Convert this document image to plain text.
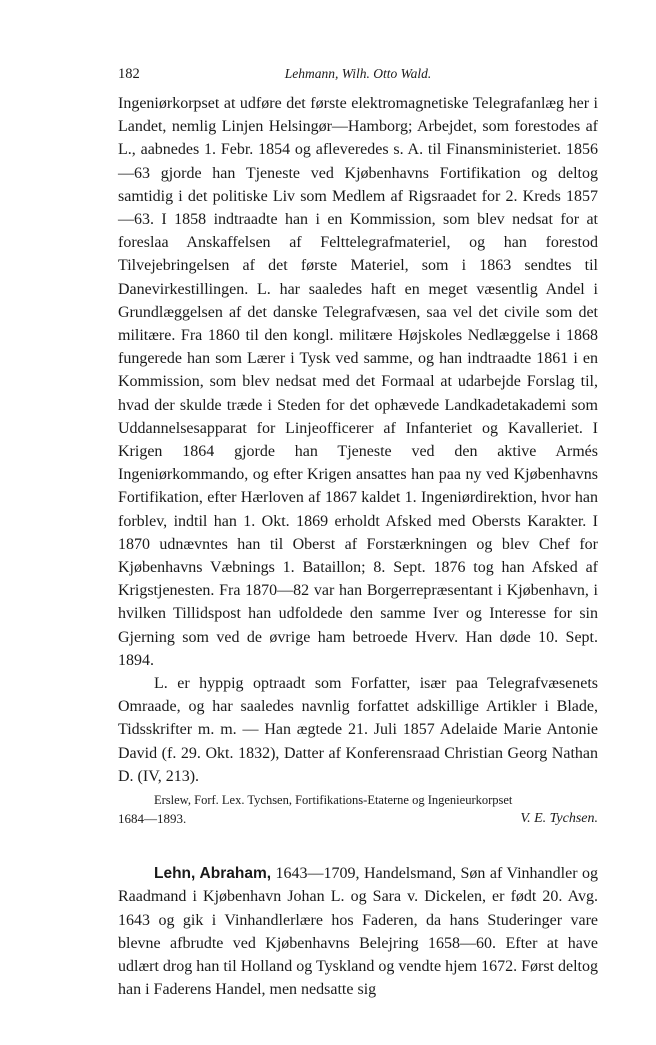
182	Lehmann, Wilh. Otto Wald.

Ingeniørkorpset at udføre det første elektromagnetiske Telegrafanlæg her i Landet, nemlig Linjen Helsingør—Hamborg; Arbejdet, som forestodes af L., aabnedes 1. Febr. 1854 og afleveredes s. A. til Finansministeriet. 1856—63 gjorde han Tjeneste ved Kjøbenhavns Fortifikation og deltog samtidig i det politiske Liv som Medlem af Rigsraadet for 2. Kreds 1857—63. I 1858 indtraadte han i en Kommission, som blev nedsat for at foreslaa Anskaffelsen af Felttelegrafmateriel, og han forestod Tilvejebringelsen af det første Materiel, som i 1863 sendtes til Danevirkestillingen. L. har saaledes haft en meget væsentlig Andel i Grundlæggelsen af det danske Telegrafvæsen, saa vel det civile som det militære. Fra 1860 til den kongl. militære Højskoles Nedlæggelse i 1868 fungerede han som Lærer i Tysk ved samme, og han indtraadte 1861 i en Kommission, som blev nedsat med det Formaal at udarbejde Forslag til, hvad der skulde træde i Steden for det ophævede Landkadetakademi som Uddannelsesapparat for Linjeofficerer af Infanteriet og Kavalleriet. I Krigen 1864 gjorde han Tjeneste ved den aktive Armés Ingeniørkommando, og efter Krigen ansattes han paa ny ved Kjøbenhavns Fortifikation, efter Hærloven af 1867 kaldet 1. Ingeniørdirektion, hvor han forblev, indtil han 1. Okt. 1869 erholdt Afsked med Obersts Karakter. I 1870 udnævntes han til Oberst af Forstærkningen og blev Chef for Kjøbenhavns Væbnings 1. Bataillon; 8. Sept. 1876 tog han Afsked af Krigstjenesten. Fra 1870—82 var han Borgerrepræsentant i Kjøbenhavn, i hvilken Tillidspost han udfoldede den samme Iver og Interesse for sin Gjerning som ved de øvrige ham betroede Hverv. Han døde 10. Sept. 1894.

L. er hyppig optraadt som Forfatter, især paa Telegrafvæsenets Omraade, og har saaledes navnlig forfattet adskillige Artikler i Blade, Tidsskrifter m. m. — Han ægtede 21. Juli 1857 Adelaide Marie Antonie David (f. 29. Okt. 1832), Datter af Konferensraad Christian Georg Nathan D. (IV, 213).

Erslew, Forf. Lex. Tychsen, Fortifikations-Etaterne og Ingenieurkorpset
1684—1893.	V. E. Tychsen.

Lehn, Abraham, 1643—1709, Handelsmand, Søn af Vinhandler og Raadmand i Kjøbenhavn Johan L. og Sara v. Dickelen, er født 20. Avg. 1643 og gik i Vinhandlerlære hos Faderen, da hans Studeringer vare blevne afbrudte ved Kjøbenhavns Belejring 1658—60. Efter at have udlært drog han til Holland og Tyskland og vendte hjem 1672. Først deltog han i Faderens Handel, men nedsatte sig
